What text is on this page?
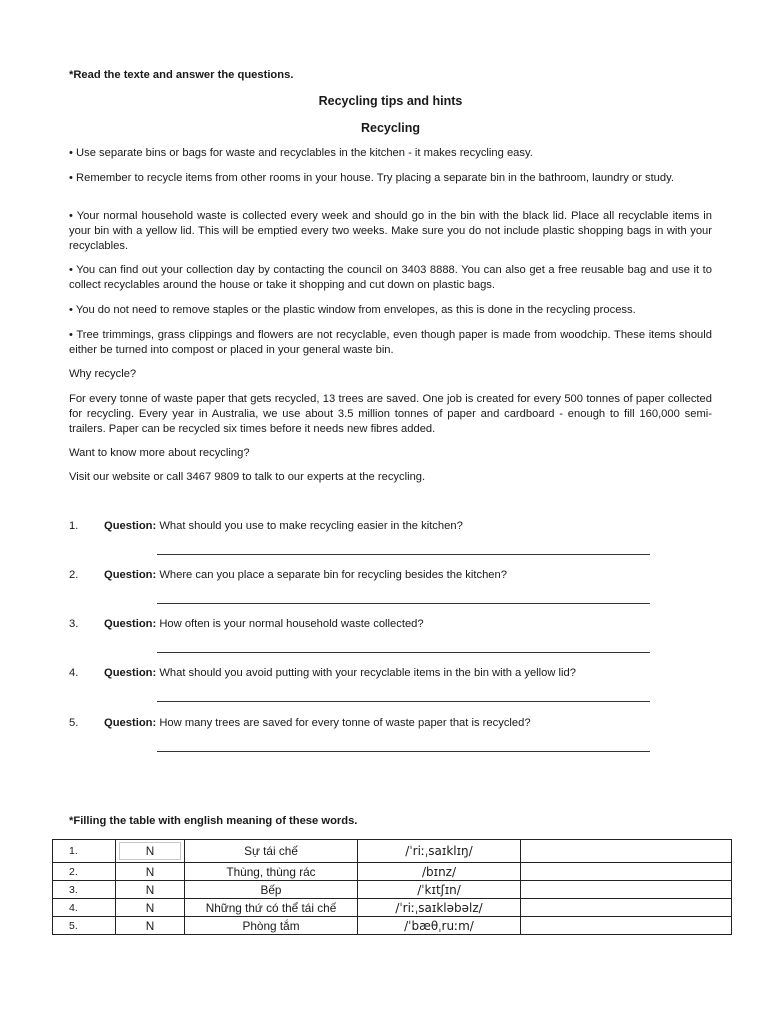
*Read the texte and answer the questions.
Recycling tips and hints
Recycling

• Use separate bins or bags for waste and recyclables in the kitchen - it makes recycling easy.

• Remember to recycle items from other rooms in your house. Try placing a separate bin in the bathroom, laundry or study.

• Your normal household waste is collected every week and should go in the bin with the black lid. Place all recyclable items in your bin with a yellow lid. This will be emptied every two weeks. Make sure you do not include plastic shopping bags in with your recyclables.

• You can find out your collection day by contacting the council on 3403 8888. You can also get a free reusable bag and use it to collect recyclables around the house or take it shopping and cut down on plastic bags.

• You do not need to remove staples or the plastic window from envelopes, as this is done in the recycling process.

• Tree trimmings, grass clippings and flowers are not recyclable, even though paper is made from woodchip. These items should either be turned into compost or placed in your general waste bin.

Why recycle?

For every tonne of waste paper that gets recycled, 13 trees are saved. One job is created for every 500 tonnes of paper collected for recycling. Every year in Australia, we use about 3.5 million tonnes of paper and cardboard - enough to fill 160,000 semi-trailers. Paper can be recycled six times before it needs new fibres added.

Want to know more about recycling?

Visit our website or call 3467 9809 to talk to our experts at the recycling.

1. Question: What should you use to make recycling easier in the kitchen?
2. Question: Where can you place a separate bin for recycling besides the kitchen?
3. Question: How often is your normal household waste collected?
4. Question: What should you avoid putting with your recyclable items in the bin with a yellow lid?
5. Question: How many trees are saved for every tonne of waste paper that is recycled?
*Filling the table with english meaning of these words.
1.	N	Sự tái chế	/ˈriːˌsaɪklɪŋ/	
2.	N	Thùng, thùng rác	/bɪnz/	
3.	N	Bếp	/ˈkɪtʃɪn/	
4.	N	Những thứ có thể tái chế	/ˈriːˌsaɪkləbəlz/	
5.	N	Phòng tắm	/ˈbæθˌruːm/	
